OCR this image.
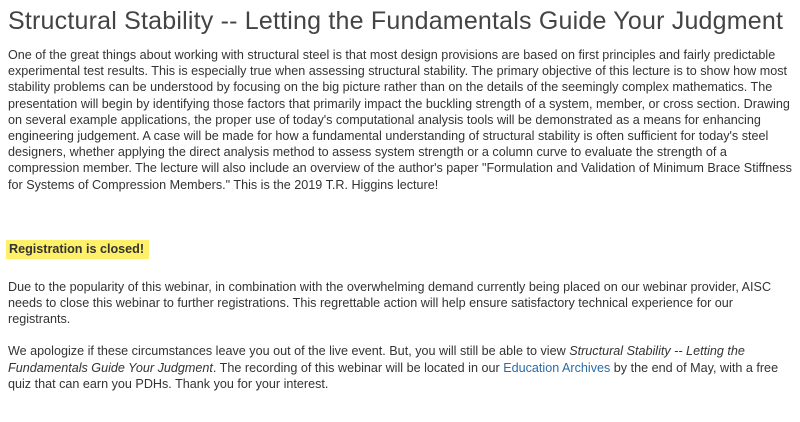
Structural Stability -- Letting the Fundamentals Guide Your Judgment

One of the great things about working with structural steel is that most design provisions are based on first principles and fairly predictable experimental test results. This is especially true when assessing structural stability. The primary objective of this lecture is to show how most stability problems can be understood by focusing on the big picture rather than on the details of the seemingly complex mathematics. The presentation will begin by identifying those factors that primarily impact the buckling strength of a system, member, or cross section. Drawing on several example applications, the proper use of today's computational analysis tools will be demonstrated as a means for enhancing engineering judgement. A case will be made for how a fundamental understanding of structural stability is often sufficient for today's steel designers, whether applying the direct analysis method to assess system strength or a column curve to evaluate the strength of a compression member. The lecture will also include an overview of the author's paper "Formulation and Validation of Minimum Brace Stiffness for Systems of Compression Members." This is the 2019 T.R. Higgins lecture!

Registration is closed!

Due to the popularity of this webinar, in combination with the overwhelming demand currently being placed on our webinar provider, AISC needs to close this webinar to further registrations. This regrettable action will help ensure satisfactory technical experience for our registrants.

We apologize if these circumstances leave you out of the live event. But, you will still be able to view Structural Stability -- Letting the Fundamentals Guide Your Judgment. The recording of this webinar will be located in our Education Archives by the end of May, with a free quiz that can earn you PDHs. Thank you for your interest.
